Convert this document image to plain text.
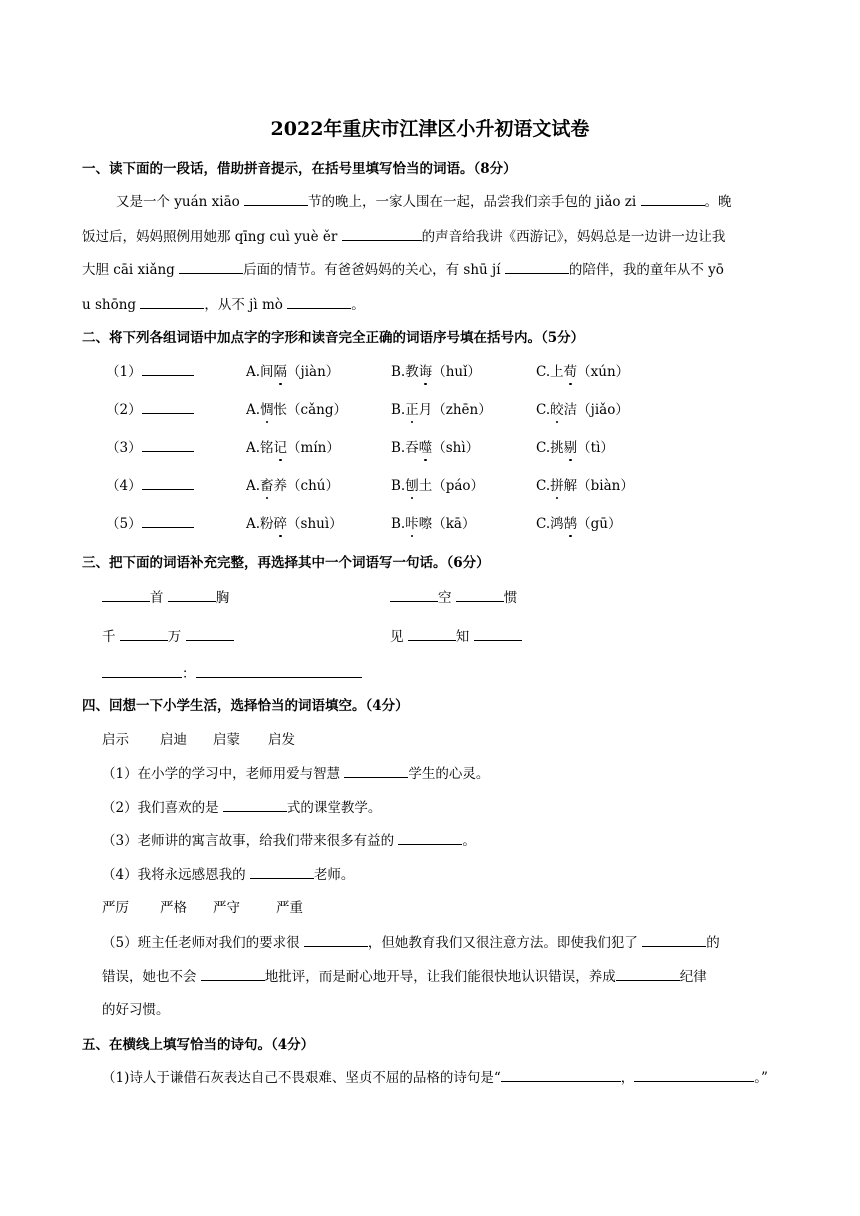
2022年重庆市江津区小升初语文试卷
一、读下面的一段话，借助拼音提示，在括号里填写恰当的词语。（8分）
又是一个 yuán xiāo	节的晚上，一家人围在一起，品尝我们亲手包的 jiǎo zi	。晚
饭过后，妈妈照例用她那 qīng cuì yuè ěr	的声音给我讲《西游记》，妈妈总是一边讲一边让我
大胆 cāi xiǎng	后面的情节。有爸爸妈妈的关心，有 shū jí	的陪伴，我的童年从不 yō
u shōng	，从不 jì mò	。
二、将下列各组词语中加点字的字形和读音完全正确的词语序号填在括号内。（5分）
（1）	A.间隔（jiàn）	B.教诲（huǐ）	C.上荀（xún）
（2）	A.惆怅（cǎng）	B.正月（zhēn）	C.皎洁（jiǎo）
（3）	A.铭记（mín）	B.吞噬（shì）	C.挑剔（tì）
（4）	A.畜养（chú）	B.刨土（páo）	C.拼解（biàn）
（5）	A.粉碎（shuì）	B.咔嚓（kā）	C.鸿鹄（gū）
三、把下面的词语补充完整，再选择其中一个词语写一句话。（6分）
首	胸	空	惯
千	万	见	知
：
四、回想一下小学生活，选择恰当的词语填空。（4分）
启示 启迪 启蒙 启发
（1）在小学的学习中，老师用爱与智慧	学生的心灵。
（2）我们喜欢的是	式的课堂教学。
（3）老师讲的寓言故事，给我们带来很多有益的	。
（4）我将永远感恩我的	老师。
严厉 严格 严守	严重
（5）班主任老师对我们的要求很	，但她教育我们又很注意方法。即使我们犯了	的
错误，她也不会	地批评，而是耐心地开导，让我们能很快地认识错误，养成	纪律
的好习惯。
五、在横线上填写恰当的诗句。（4分）
（1)诗人于谦借石灰表达自己不畏艰难、坚贞不屈的品格的诗句是“	，	。”
